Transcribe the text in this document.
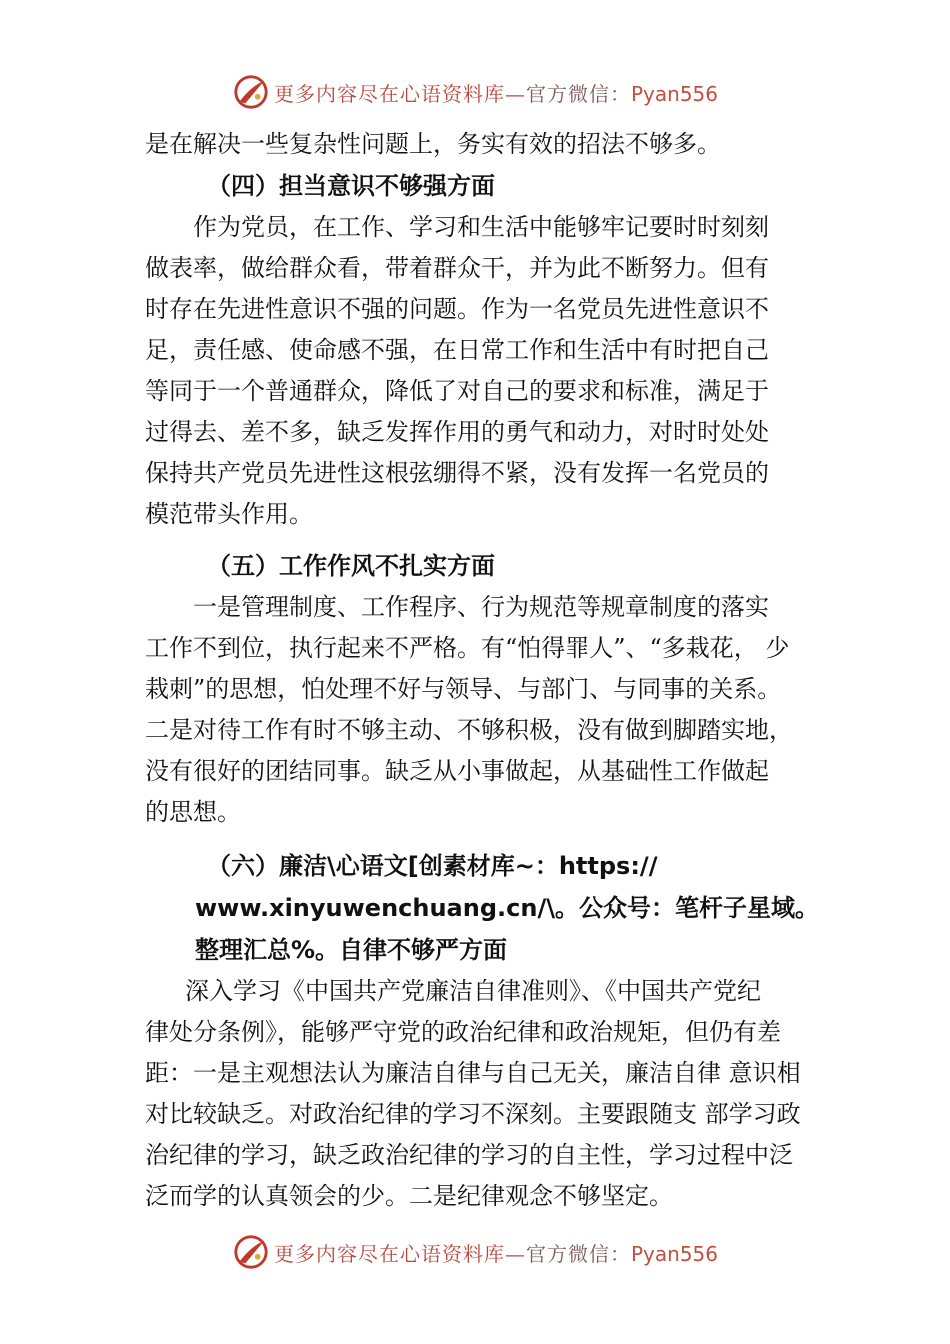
更多内容尽在心语资料库—官方微信：Pyan556
是在解决一些复杂性问题上，务实有效的招法不够多。
（四）担当意识不够强方面
作为党员，在工作、学习和生活中能够牢记要时时刻刻
做表率，做给群众看，带着群众干，并为此不断努力。但有
时存在先进性意识不强的问题。作为一名党员先进性意识不
足，责任感、使命感不强，在日常工作和生活中有时把自己
等同于一个普通群众，降低了对自己的要求和标准，满足于
过得去、差不多，缺乏发挥作用的勇气和动力，对时时处处
保持共产党员先进性这根弦绷得不紧，没有发挥一名党员的
模范带头作用。
（五）工作作风不扎实方面
一是管理制度、工作程序、行为规范等规章制度的落实
工作不到位，执行起来不严格。有“怕得罪人”、“多栽花， 少
栽刺”的思想，怕处理不好与领导、与部门、与同事的关系。
二是对待工作有时不够主动、不够积极，没有做到脚踏实地，
没有很好的团结同事。缺乏从小事做起，从基础性工作做起
的思想。
（六）廉洁\心语文[创素材库~：https://
www.xinyuwenchuang.cn/\。公众号：笔杆子星域。
整理汇总%。自律不够严方面
深入学习《中国共产党廉洁自律准则》、《中国共产党纪
律处分条例》，能够严守党的政治纪律和政治规矩，但仍有差
距：一是主观想法认为廉洁自律与自己无关，廉洁自律 意识相
对比较缺乏。对政治纪律的学习不深刻。主要跟随支 部学习政
治纪律的学习，缺乏政治纪律的学习的自主性，学习过程中泛
泛而学的认真领会的少。二是纪律观念不够坚定。
更多内容尽在心语资料库—官方微信：Pyan556
